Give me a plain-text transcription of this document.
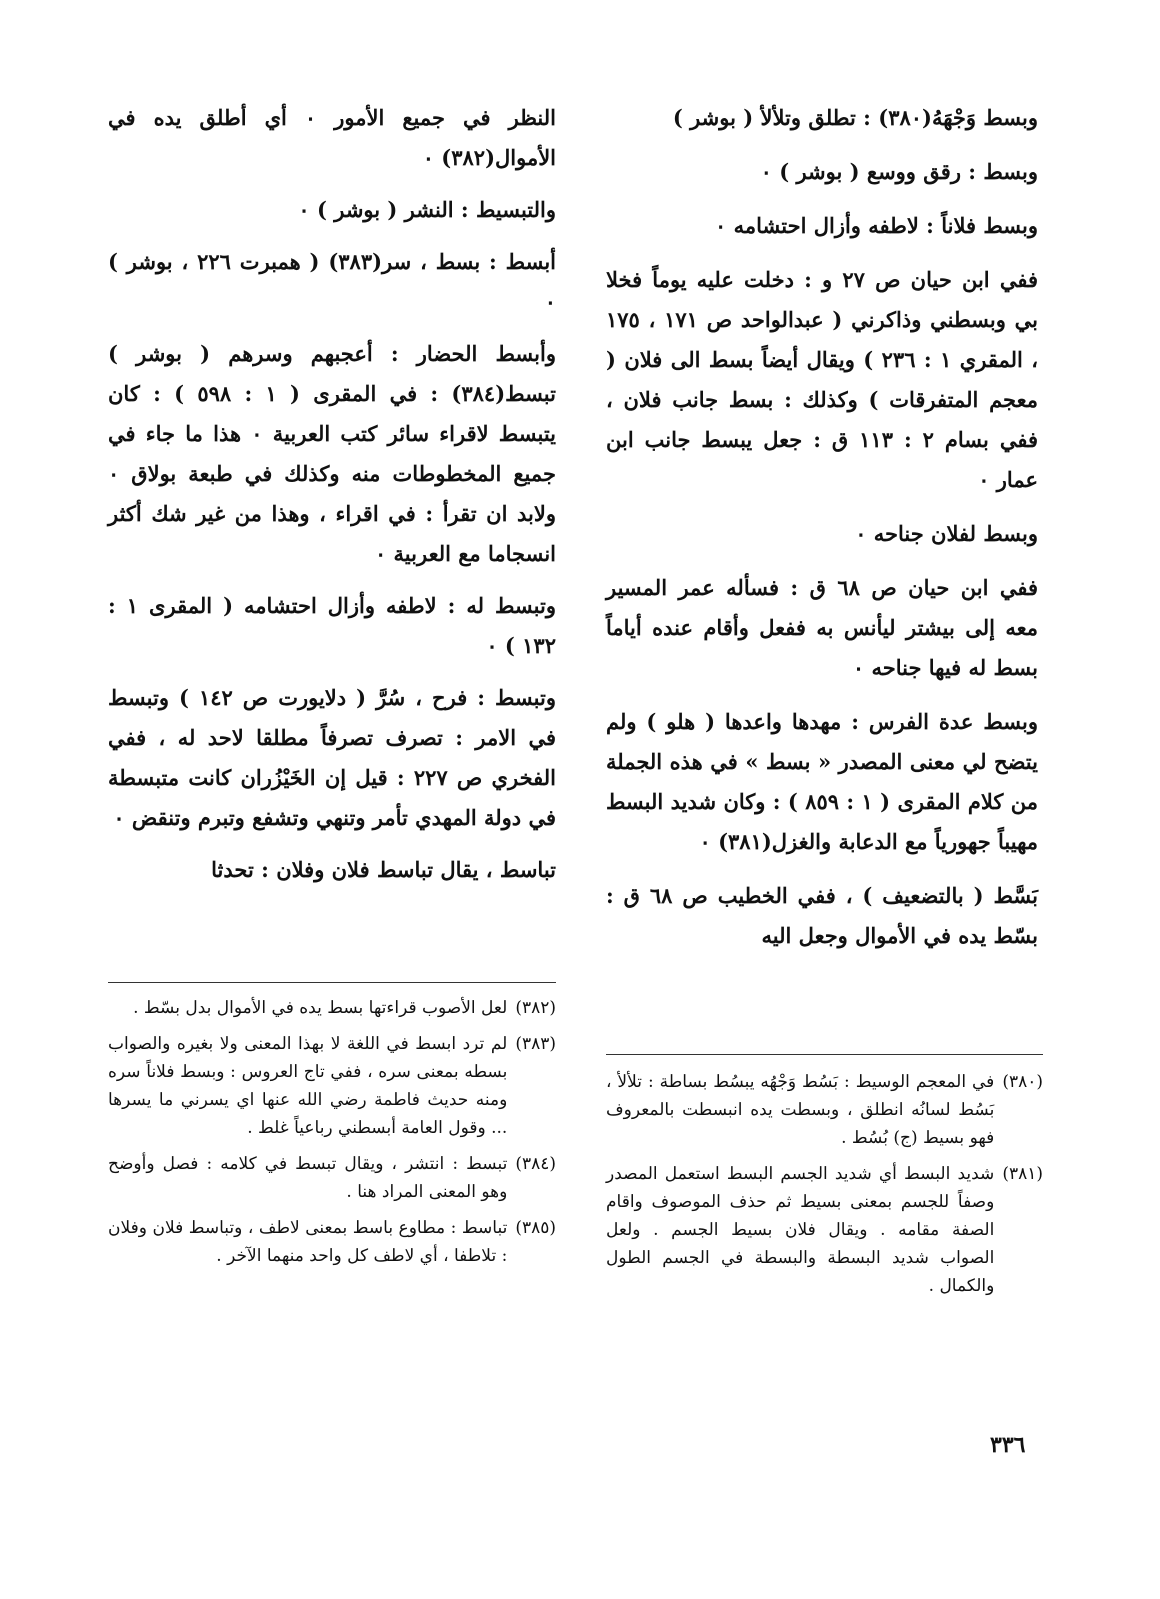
وبسط وَجْهَهُ(٣٨٠) : تطلق وتلألأ ( بوشر )

وبسط : رقق ووسع ( بوشر ) ٠

وبسط فلاناً : لاطفه وأزال احتشامه ٠

ففي ابن حيان ص ٢٧ و : دخلت عليه يوماً فخلا بي وبسطني وذاكرني ( عبدالواحد ص ١٧١ ، ١٧٥ ، المقري ١ : ٢٣٦ ) ويقال أيضاً بسط الى فلان ( معجم المتفرقات ) وكذلك : بسط جانب فلان ، ففي بسام ٢ : ١١٣ ق : جعل يبسط جانب ابن عمار ٠

وبسط لفلان جناحه ٠

ففي ابن حيان ص ٦٨ ق : فسأله عمر المسير معه إلى بيشتر ليأنس به ففعل وأقام عنده أياماً بسط له فيها جناحه ٠

وبسط عدة الفرس : مهدها واعدها ( هلو ) ولم يتضح لي معنى المصدر « بسط » في هذه الجملة من كلام المقرى ( ١ : ٨٥٩ ) : وكان شديد البسط مهيباً جهورياً مع الدعابة والغزل(٣٨١) ٠

بَسَّط ( بالتضعيف ) ، ففي الخطيب ص ٦٨ ق : بسّط يده في الأموال وجعل اليه

النظر في جميع الأمور ٠ أي أطلق يده في الأموال(٣٨٢) ٠

والتبسيط : النشر ( بوشر ) ٠

أبسط : بسط ، سر(٣٨٣) ( همبرت ٢٢٦ ، بوشر ) ٠

وأبسط الحضار : أعجبهم وسرهم ( بوشر ) تبسط(٣٨٤) : في المقرى ( ١ : ٥٩٨ ) : كان يتبسط لاقراء سائر كتب العربية ٠ هذا ما جاء في جميع المخطوطات منه وكذلك في طبعة بولاق ٠ ولابد ان تقرأ : في اقراء ، وهذا من غير شك أكثر انسجاما مع العربية ٠

وتبسط له : لاطفه وأزال احتشامه ( المقرى ١ : ١٣٢ ) ٠

وتبسط : فرح ، سُرَّ ( دلايورت ص ١٤٢ ) وتبسط في الامر : تصرف تصرفاً مطلقا لاحد له ، ففي الفخري ص ٢٢٧ : قيل إن الخَيْزُران كانت متبسطة في دولة المهدي تأمر وتنهي وتشفع وتبرم وتنقض ٠

تباسط ، يقال تباسط فلان وفلان : تحدثا

(٣٨٢)
لعل الأصوب قراءتها بسط يده في الأموال بدل بسّط .
(٣٨٣)
لم ترد ابسط في اللغة لا بهذا المعنى ولا بغيره والصواب بسطه بمعنى سره ، ففي تاج العروس : وبسط فلاناً سره ومنه حديث فاطمة رضي الله عنها اي يسرني ما يسرها ... وقول العامة أبسطني رباعياً غلط .
(٣٨٤)
تبسط : انتشر ، ويقال تبسط في كلامه : فصل وأوضح وهو المعنى المراد هنا .
(٣٨٥)
تباسط : مطاوع باسط بمعنى لاطف ، وتباسط فلان وفلان : تلاطفا ، أي لاطف كل واحد منهما الآخر .
(٣٨٠)
في المعجم الوسيط : بَسُط وَجْهُه يبسُط بساطة : تلألأ ، بَسُط لسانُه انطلق ، وبسطت يده انبسطت بالمعروف فهو بسيط (ج) بُسُط .
(٣٨١)
شديد البسط أي شديد الجسم البسط استعمل المصدر وصفاً للجسم بمعنى بسيط ثم حذف الموصوف واقام الصفة مقامه . ويقال فلان بسيط الجسم . ولعل الصواب شديد البسطة والبسطة في الجسم الطول والكمال .
٣٣٦
